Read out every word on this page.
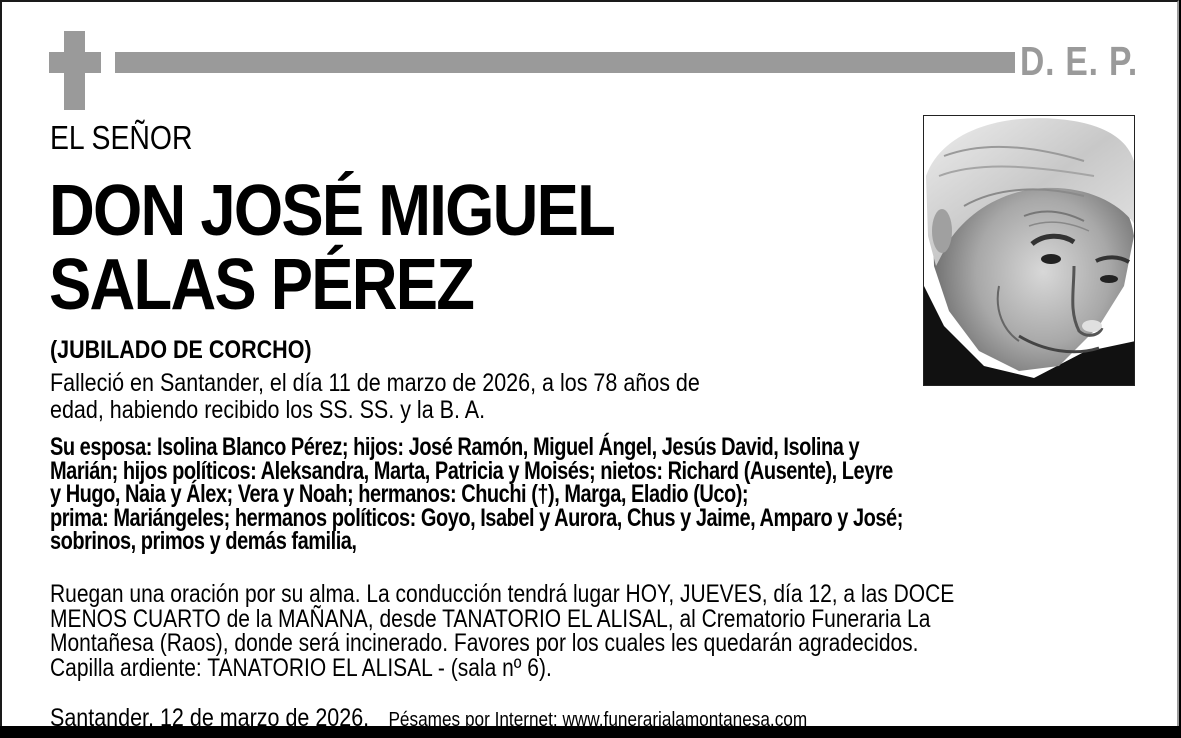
D. E. P.
EL SEÑOR
DON JOSÉ MIGUEL
SALAS PÉREZ
(JUBILADO DE CORCHO)
Falleció en Santander, el día 11 de marzo de 2026, a los 78 años de
edad, habiendo recibido los SS. SS. y la B. A.
Su esposa: Isolina Blanco Pérez; hijos: José Ramón, Miguel Ángel, Jesús David, Isolina y
Marián; hijos políticos: Aleksandra, Marta, Patricia y Moisés; nietos: Richard (Ausente), Leyre
y Hugo, Naia y Álex; Vera y Noah; hermanos: Chuchi (†), Marga, Eladio (Uco);
prima: Mariángeles; hermanos políticos: Goyo, Isabel y Aurora, Chus y Jaime, Amparo y José;
sobrinos, primos y demás familia,
Ruegan una oración por su alma. La conducción tendrá lugar HOY, JUEVES, día 12, a las DOCE
MENOS CUARTO de la MAÑANA, desde TANATORIO EL ALISAL, al Crematorio Funeraria La
Montañesa (Raos), donde será incinerado. Favores por los cuales les quedarán agradecidos.
Capilla ardiente: TANATORIO EL ALISAL - (sala nº 6).
Santander, 12 de marzo de 2026. Pésames por Internet: www.funerarialamontanesa.com
